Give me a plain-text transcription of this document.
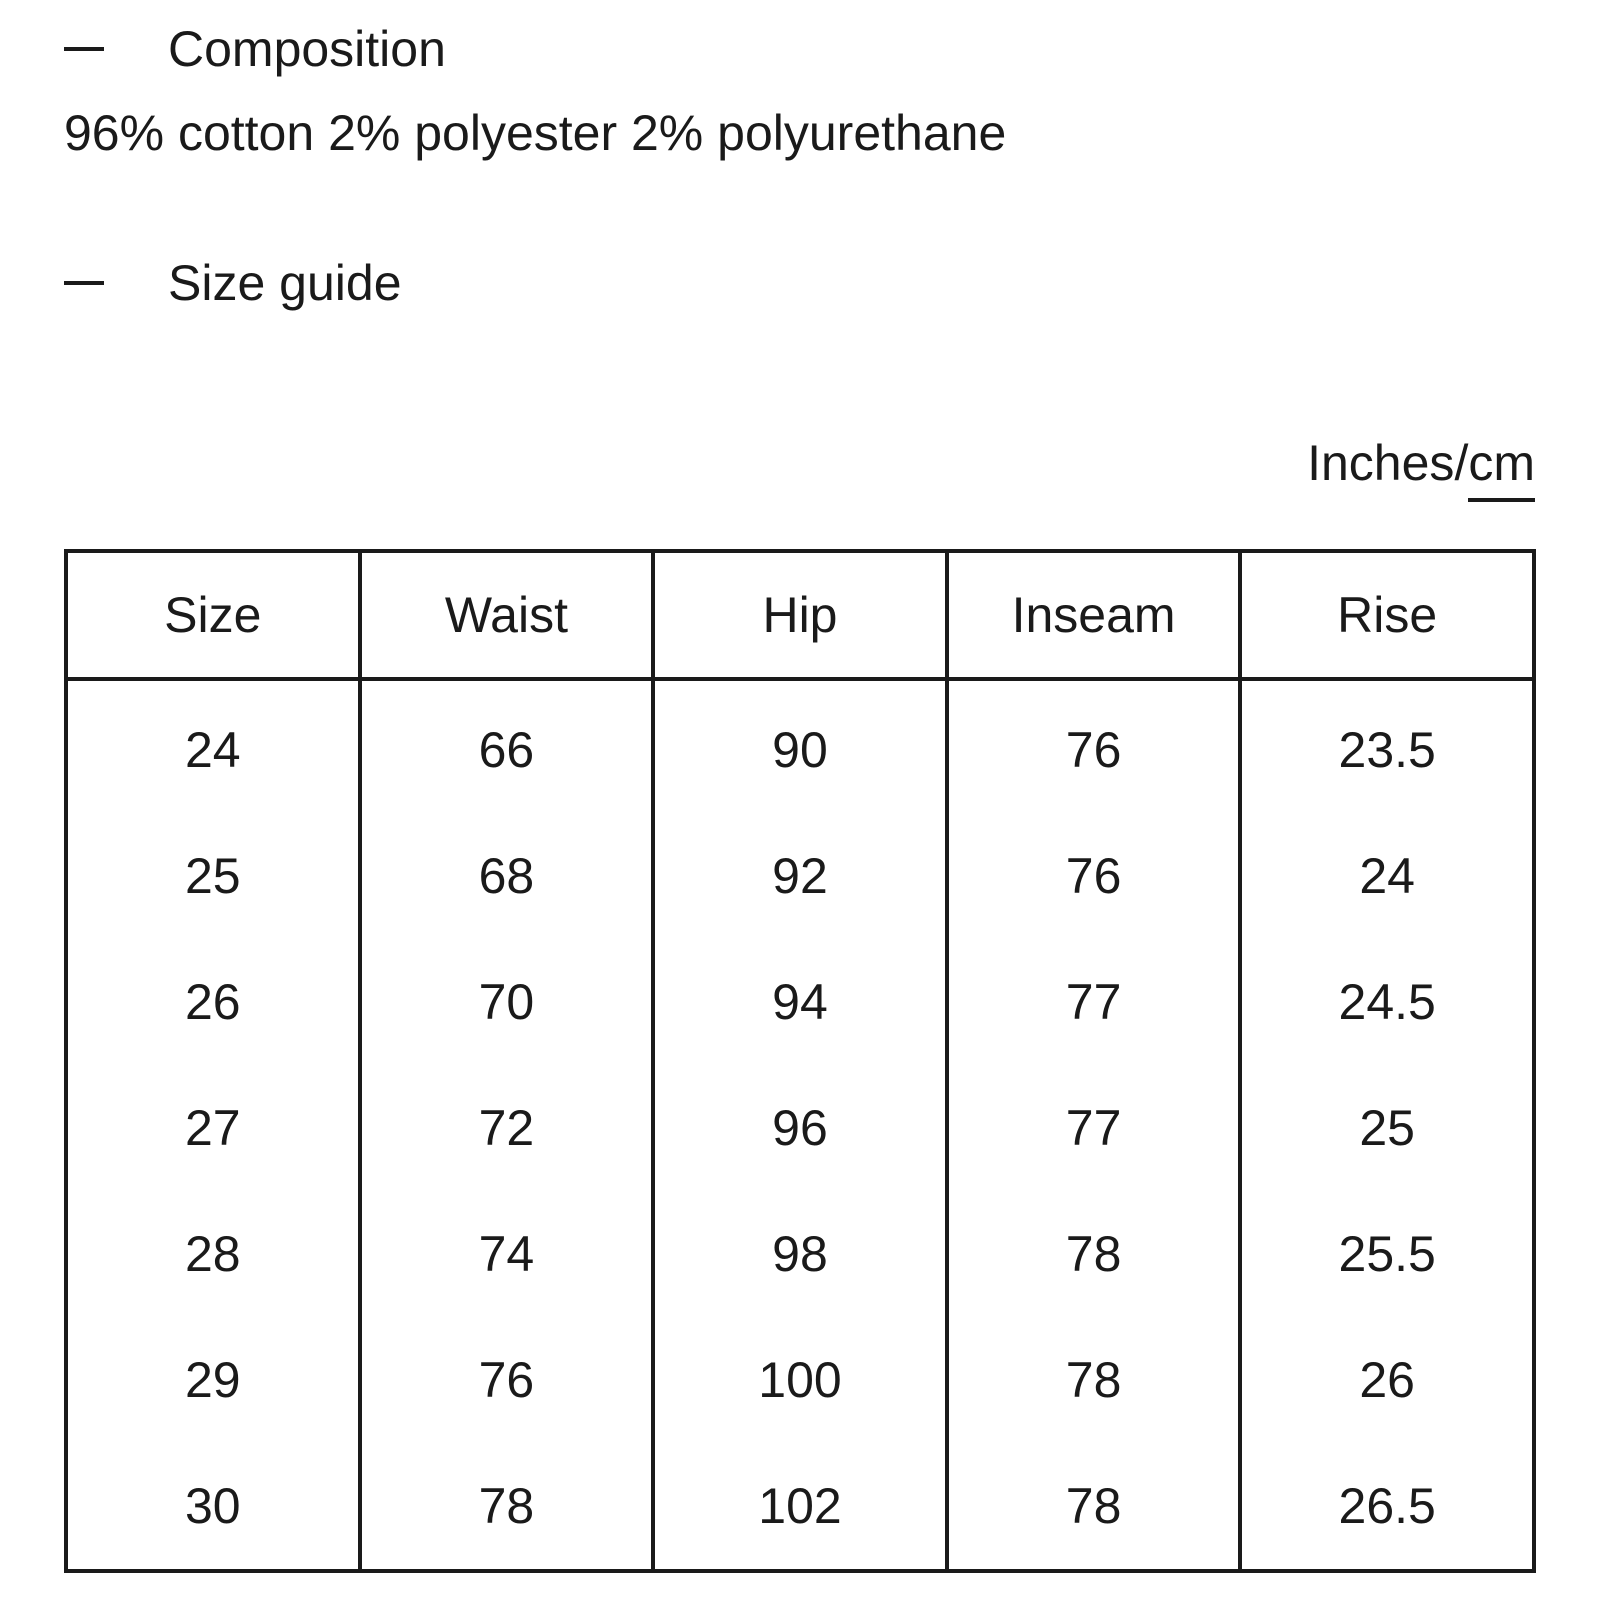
Composition
96% cotton 2% polyester 2% polyurethane
Size guide
Inches/cm
Size	Waist	Hip	Inseam	Rise
24	66	90	76	23.5
25	68	92	76	24
26	70	94	77	24.5
27	72	96	77	25
28	74	98	78	25.5
29	76	100	78	26
30	78	102	78	26.5
